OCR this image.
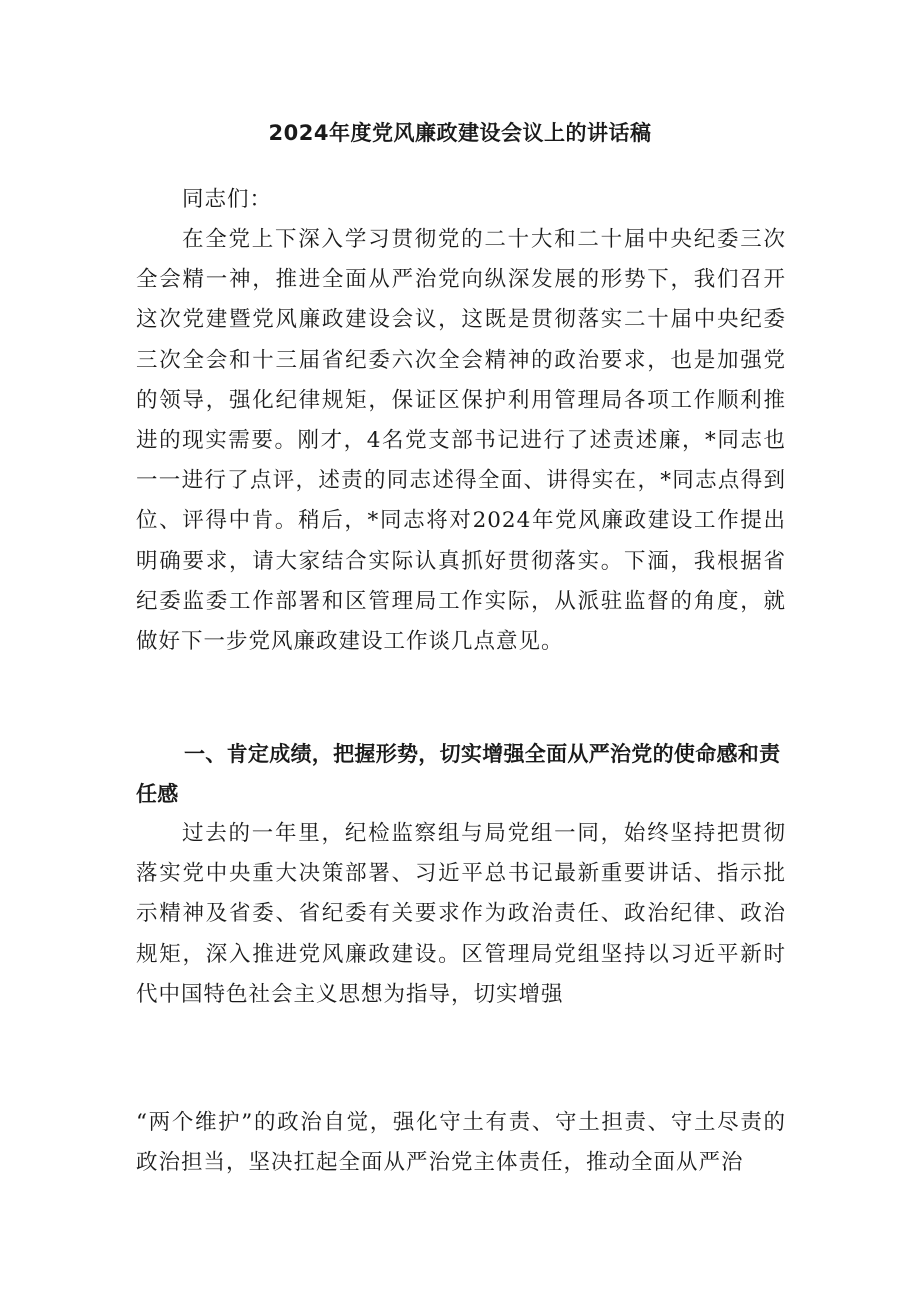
2024年度党风廉政建设会议上的讲话稿

同志们：

在全党上下深入学习贯彻党的二十大和二十届中央纪委三次全会精一神，推进全面从严治党向纵深发展的形势下，我们召开这次党建暨党风廉政建设会议，这既是贯彻落实二十届中央纪委三次全会和十三届省纪委六次全会精神的政治要求，也是加强党的领导，强化纪律规矩，保证区保护利用管理局各项工作顺利推进的现实需要。刚才，4名党支部书记进行了述责述廉，*同志也一一进行了点评，述责的同志述得全面、讲得实在，*同志点得到位、评得中肯。稍后，*同志将对2024年党风廉政建设工作提出明确要求，请大家结合实际认真抓好贯彻落实。下湎，我根据省纪委监委工作部署和区管理局工作实际，从派驻监督的角度，就做好下一步党风廉政建设工作谈几点意见。

一、肯定成绩，把握形势，切实增强全面从严治党的使命感和责任感

过去的一年里，纪检监察组与局党组一同，始终坚持把贯彻落实党中央重大决策部署、习近平总书记最新重要讲话、指示批示精神及省委、省纪委有关要求作为政治责任、政治纪律、政治规矩，深入推进党风廉政建设。区管理局党组坚持以习近平新时代中国特色社会主义思想为指导，切实增强

“两个维护”的政治自觉，强化守土有责、守土担责、守土尽责的政治担当，坚决扛起全面从严治党主体责任，推动全面从严治
